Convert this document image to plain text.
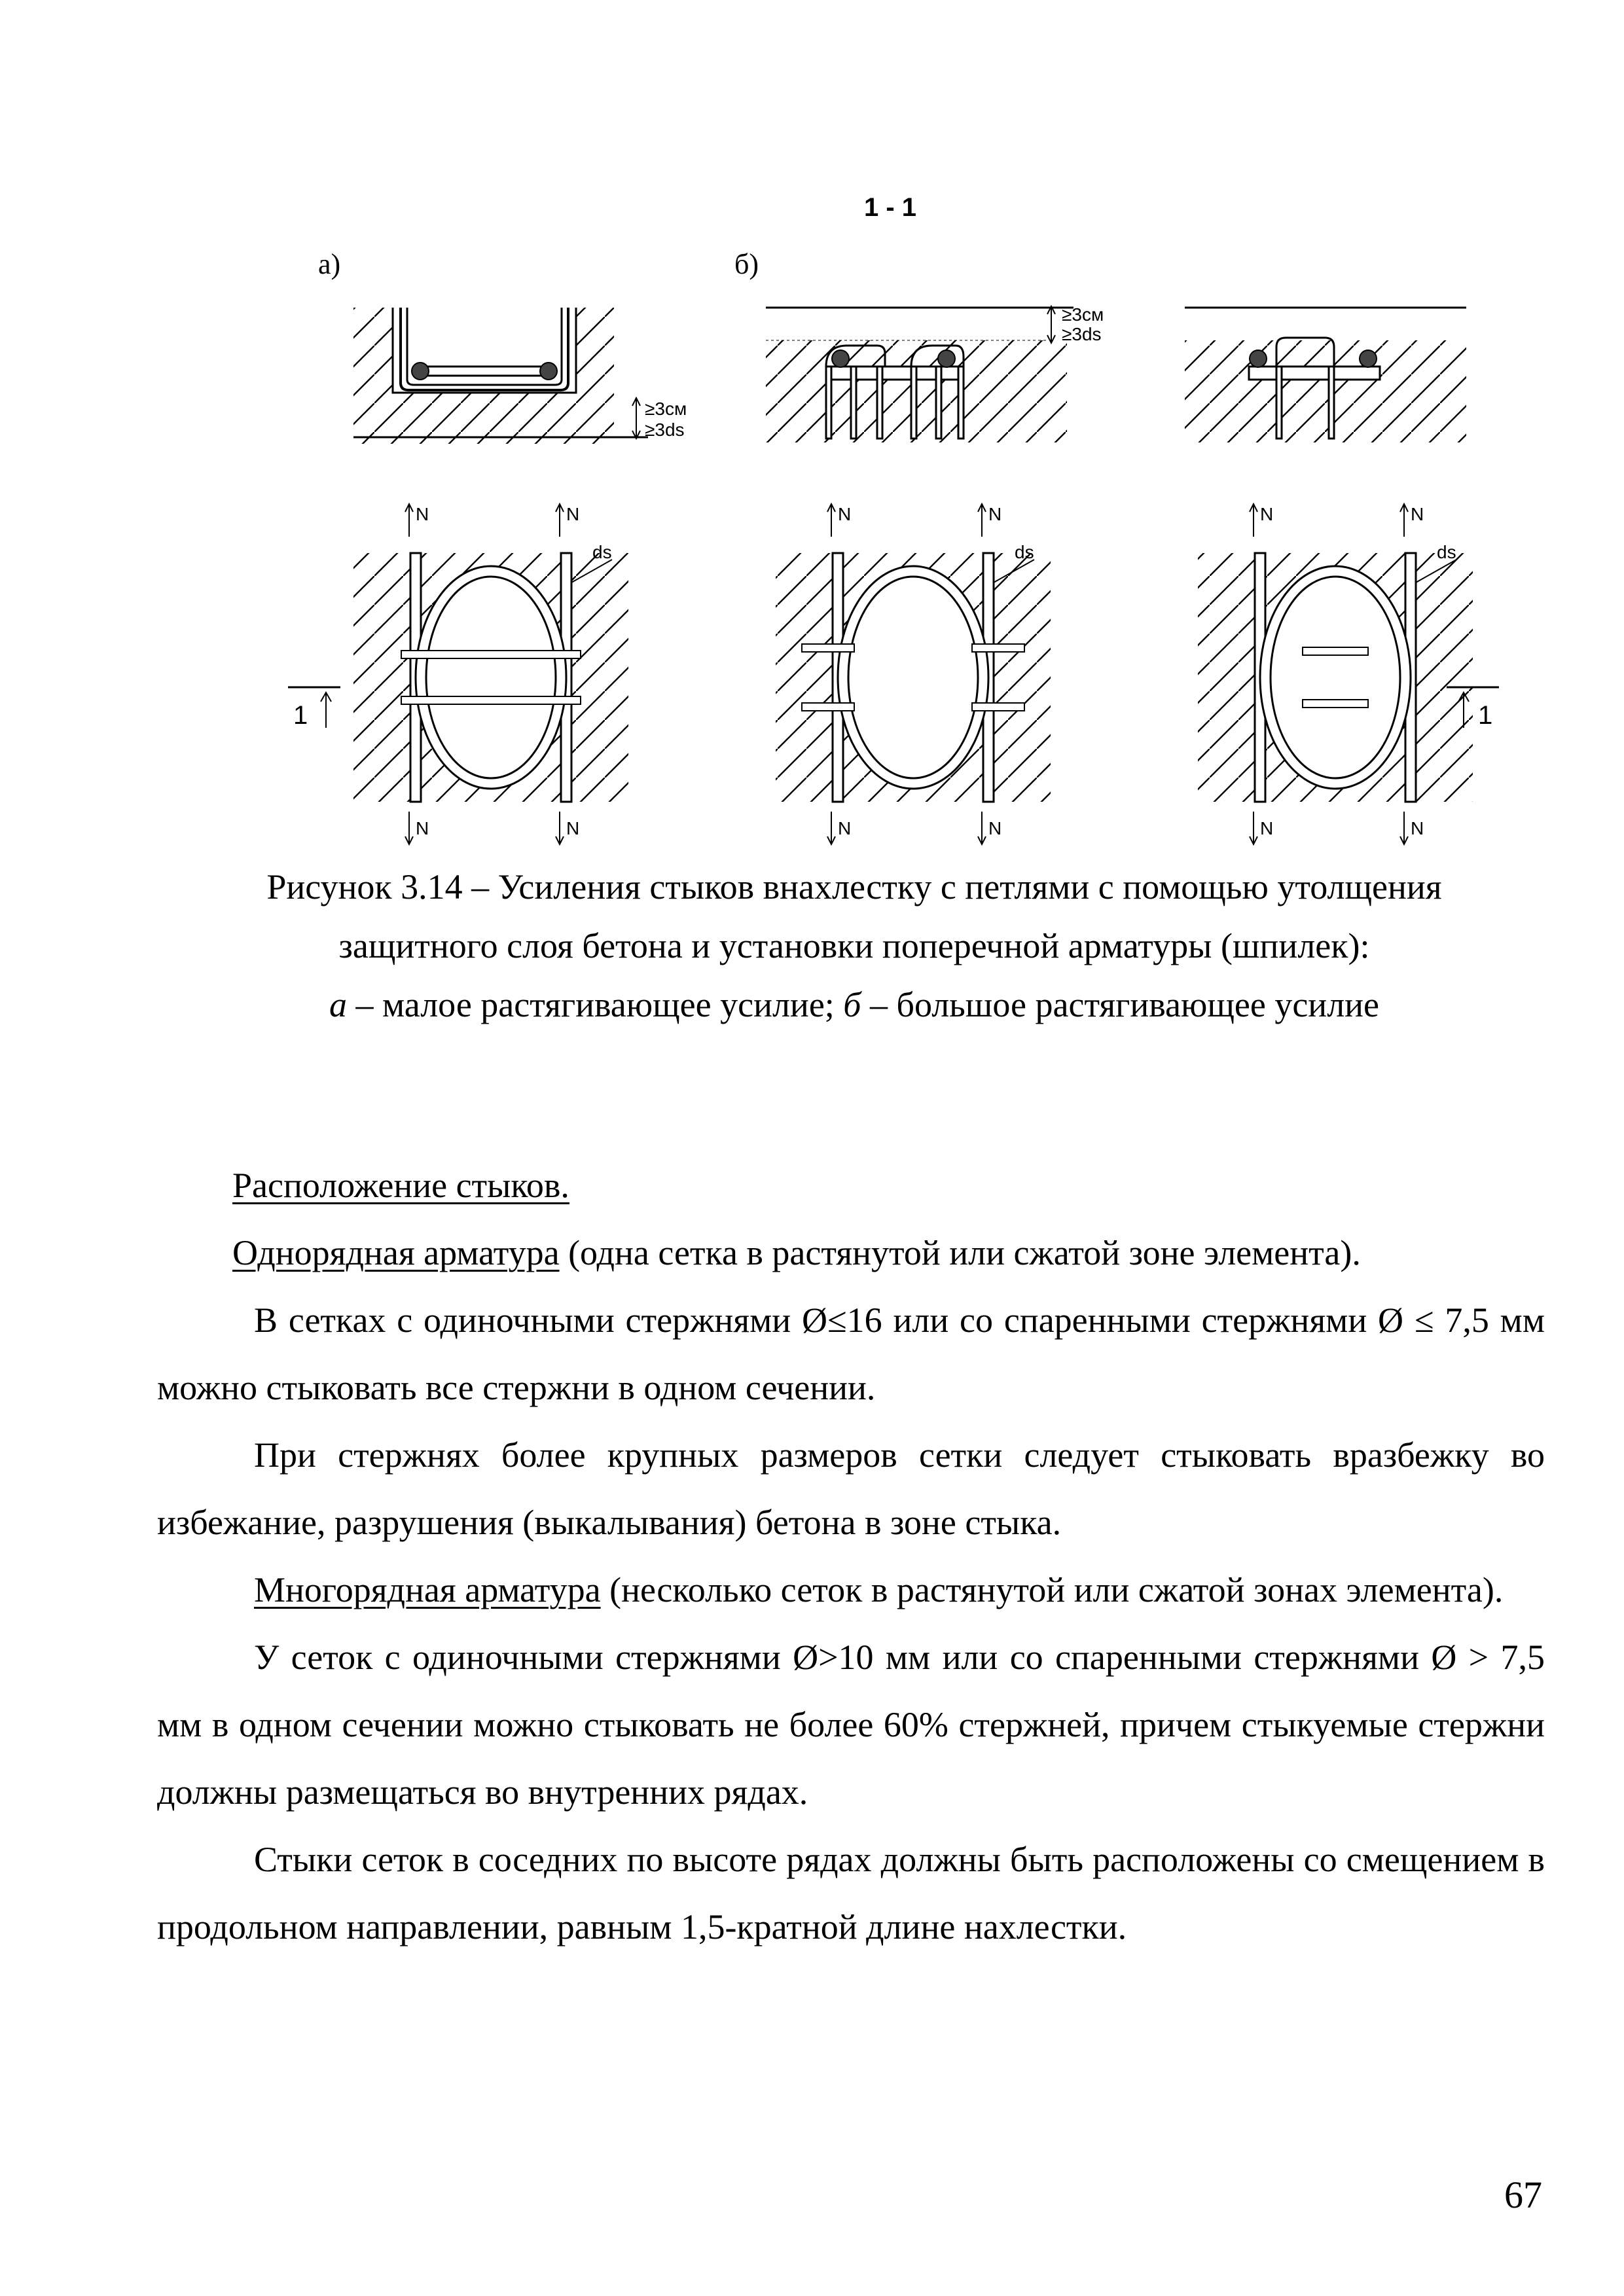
1 - 1
а)	б)
≥3см
≥3ds
≥3см
≥3ds
N	N
N	N
ds
N	N
N	N
ds
N	N
N	N
ds
1	1
Рисунок 3.14 – Усиления стыков внахлестку с петлями с помощью утолщения
защитного слоя бетона и установки поперечной арматуры (шпилек):
а – малое растягивающее усилие; б – большое растягивающее усилие

Расположение стыков.

Однорядная арматура (одна сетка в растянутой или сжатой зоне элемента).

В сетках с одиночными стержнями Ø≤16 или со спаренными стержнями Ø ≤ 7,5 мм можно стыковать все стержни в одном сечении.

При стержнях более крупных размеров сетки следует стыковать вразбежку во избежание, разрушения (выкалывания) бетона в зоне стыка.

Многорядная арматура (несколько сеток в растянутой или сжатой зонах элемента).

У сеток с одиночными стержнями Ø>10 мм или со спаренными стержнями Ø > 7,5 мм в одном сечении можно стыковать не более 60% стержней, причем стыкуемые стержни должны размещаться во внутренних рядах.

Стыки сеток в соседних по высоте рядах должны быть расположены со смещением в продольном направлении, равным 1,5-кратной длине нахлестки.

67
